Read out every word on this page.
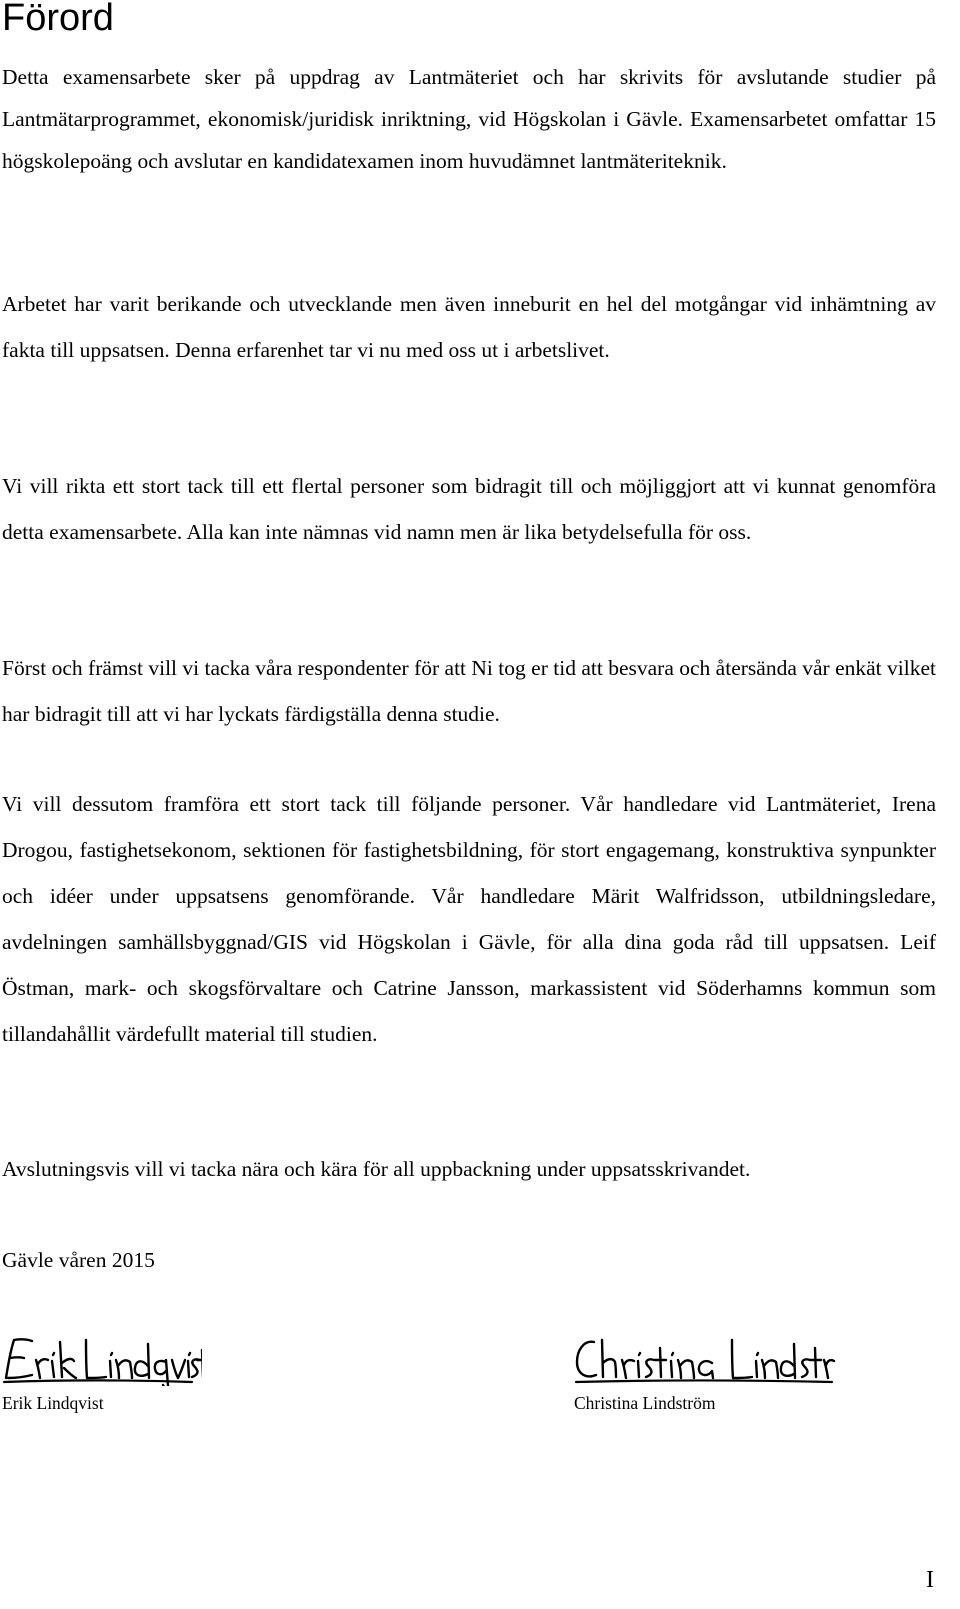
Förord

Detta examensarbete sker på uppdrag av Lantmäteriet och har skrivits för avslutande studier på Lantmätarprogrammet, ekonomisk/juridisk inriktning, vid Högskolan i Gävle. Examensarbetet omfattar 15 högskolepoäng och avslutar en kandidatexamen inom huvudämnet lantmäteriteknik.

Arbetet har varit berikande och utvecklande men även inneburit en hel del motgångar vid inhämtning av fakta till uppsatsen. Denna erfarenhet tar vi nu med oss ut i arbetslivet.

Vi vill rikta ett stort tack till ett flertal personer som bidragit till och möjliggjort att vi kunnat genomföra detta examensarbete. Alla kan inte nämnas vid namn men är lika betydelsefulla för oss.

Först och främst vill vi tacka våra respondenter för att Ni tog er tid att besvara och återsända vår enkät vilket har bidragit till att vi har lyckats färdigställa denna studie.

Vi vill dessutom framföra ett stort tack till följande personer. Vår handledare vid Lantmäteriet, Irena Drogou, fastighetsekonom, sektionen för fastighetsbildning, för stort engagemang, konstruktiva synpunkter och idéer under uppsatsens genomförande. Vår handledare Märit Walfridsson, utbildningsledare, avdelningen samhällsbyggnad/GIS vid Högskolan i Gävle, för alla dina goda råd till uppsatsen. Leif Östman, mark- och skogsförvaltare och Catrine Jansson, markassistent vid Söderhamns kommun som tillandahållit värdefullt material till studien.

Avslutningsvis vill vi tacka nära och kära för all uppbackning under uppsatsskrivandet.

Gävle våren 2015

Erik Lindqvist	Christina Lindström
I
